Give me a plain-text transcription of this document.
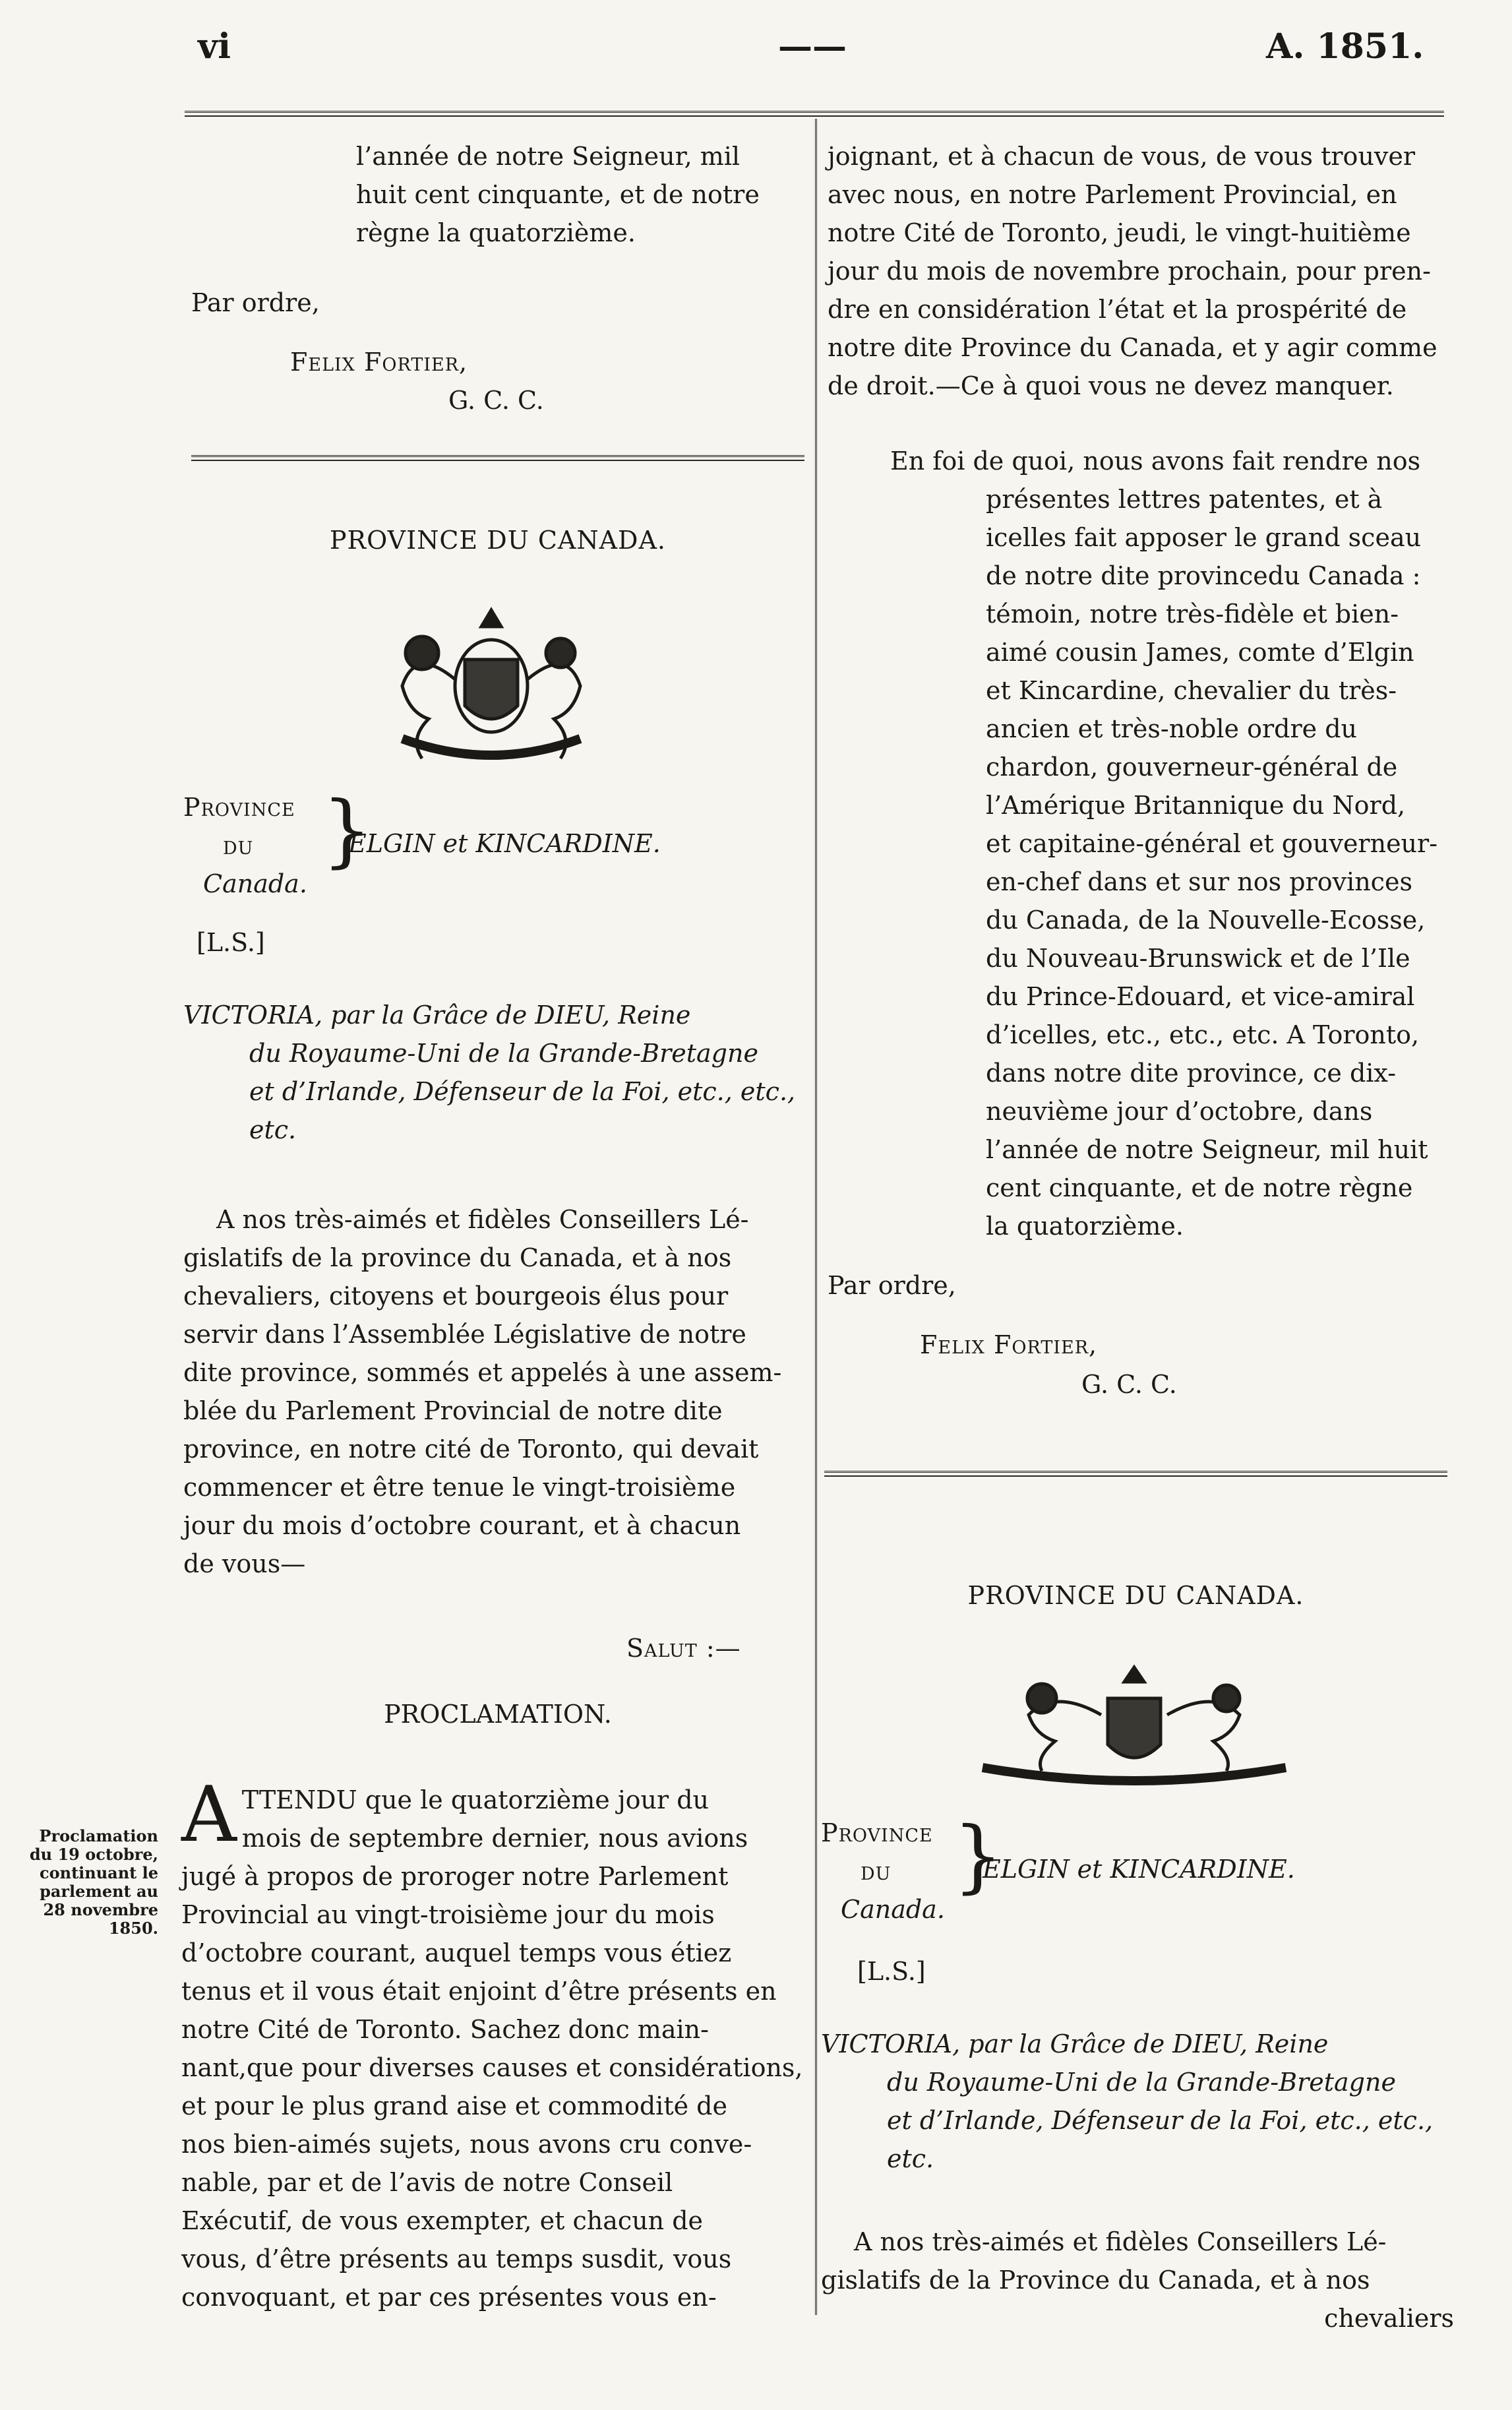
vi	——	A. 1851.

l’année de notre Seigneur, mil

huit cent cinquante, et de notre

règne la quatorzième.

Par ordre,

Felix Fortier,

G. C. C.

PROVINCE DU CANADA.

Province

du

Canada.

}

ELGIN et KINCARDINE.

[L.S.]

VICTORIA, par la Grâce de DIEU, Reine

du Royaume-Uni de la Grande-Bretagne

et d’Irlande, Défenseur de la Foi, etc., etc.,

etc.

A nos très-aimés et fidèles Conseillers Lé-

gislatifs de la province du Canada, et à nos

chevaliers, citoyens et bourgeois élus pour

servir dans l’Assemblée Législative de notre

dite province, sommés et appelés à une assem-

blée du Parlement Provincial de notre dite

province, en notre cité de Toronto, qui devait

commencer et être tenue le vingt-troisième

jour du mois d’octobre courant, et à chacun

de vous—

Salut :—

PROCLAMATION.

Proclamation
du 19 octobre,
continuant le
parlement au
28 novembre
1850.
A TTENDU que le quatorzième jour du

mois de septembre dernier, nous avions

jugé à propos de proroger notre Parlement

Provincial au vingt-troisième jour du mois

d’octobre courant, auquel temps vous étiez

tenus et il vous était enjoint d’être présents en

notre Cité de Toronto. Sachez donc main-

nant,que pour diverses causes et considérations,

et pour le plus grand aise et commodité de

nos bien-aimés sujets, nous avons cru conve-

nable, par et de l’avis de notre Conseil

Exécutif, de vous exempter, et chacun de

vous, d’être présents au temps susdit, vous

convoquant, et par ces présentes vous en-

joignant, et à chacun de vous, de vous trouver

avec nous, en notre Parlement Provincial, en

notre Cité de Toronto, jeudi, le vingt-huitième

jour du mois de novembre prochain, pour pren-

dre en considération l’état et la prospérité de

notre dite Province du Canada, et y agir comme

de droit.—Ce à quoi vous ne devez manquer.

En foi de quoi, nous avons fait rendre nos

présentes lettres patentes, et à

icelles fait apposer le grand sceau

de notre dite provincedu Canada :

témoin, notre très-fidèle et bien-

aimé cousin James, comte d’Elgin

et Kincardine, chevalier du très-

ancien et très-noble ordre du

chardon, gouverneur-général de

l’Amérique Britannique du Nord,

et capitaine-général et gouverneur-

en-chef dans et sur nos provinces

du Canada, de la Nouvelle-Ecosse,

du Nouveau-Brunswick et de l’Ile

du Prince-Edouard, et vice-amiral

d’icelles, etc., etc., etc. A Toronto,

dans notre dite province, ce dix-

neuvième jour d’octobre, dans

l’année de notre Seigneur, mil huit

cent cinquante, et de notre règne

la quatorzième.

Par ordre,

Felix Fortier,

G. C. C.

PROVINCE DU CANADA.

Province

du

Canada.

}

ELGIN et KINCARDINE.

[L.S.]

VICTORIA, par la Grâce de DIEU, Reine

du Royaume-Uni de la Grande-Bretagne

et d’Irlande, Défenseur de la Foi, etc., etc.,

etc.

A nos très-aimés et fidèles Conseillers Lé-

gislatifs de la Province du Canada, et à nos

chevaliers
